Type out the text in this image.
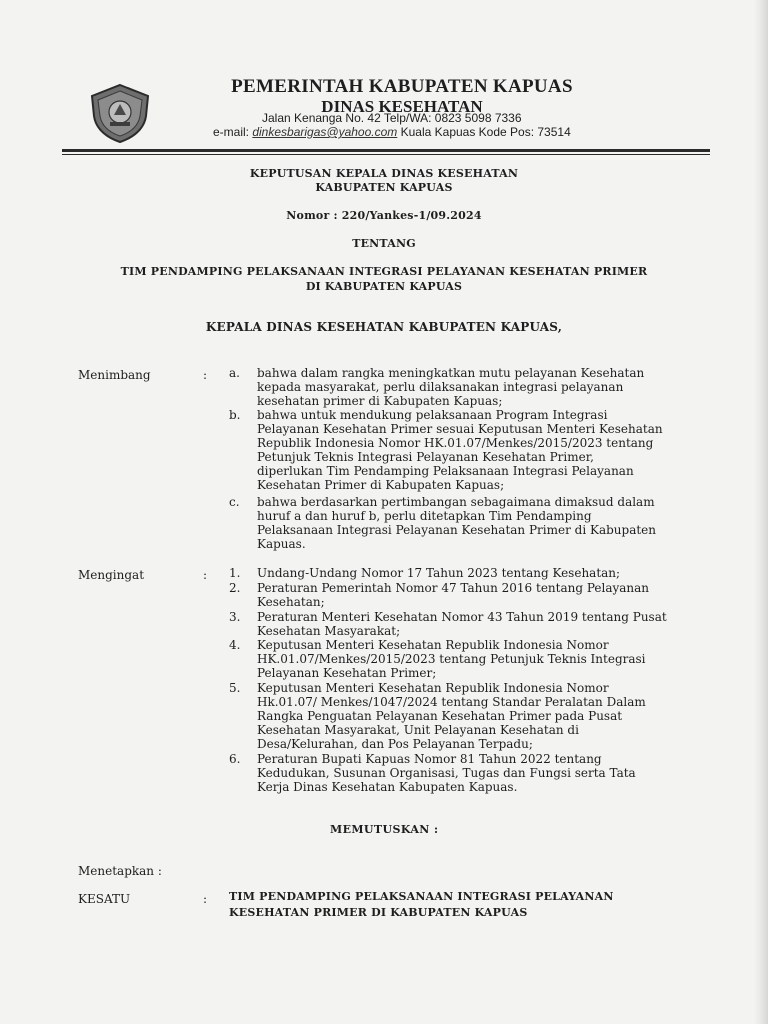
PEMERINTAH KABUPATEN KAPUAS
DINAS KESEHATAN
Jalan Kenanga No. 42 Telp/WA: 0823 5098 7336
e-mail: dinkesbarigas@yahoo.com Kuala Kapuas Kode Pos: 73514
KEPUTUSAN KEPALA DINAS KESEHATAN
KABUPATEN KAPUAS
Nomor : 220/Yankes-1/09.2024
TENTANG
TIM PENDAMPING PELAKSANAAN INTEGRASI PELAYANAN KESEHATAN PRIMER
DI KABUPATEN KAPUAS
KEPALA DINAS KESEHATAN KABUPATEN KAPUAS,
Menimbang	: a. bahwa dalam rangka meningkatkan mutu pelayanan Kesehatan
kepada masyarakat, perlu dilaksanakan integrasi pelayanan
kesehatan primer di Kabupaten Kapuas;
b. bahwa untuk mendukung pelaksanaan Program Integrasi
Pelayanan Kesehatan Primer sesuai Keputusan Menteri Kesehatan
Republik Indonesia Nomor HK.01.07/Menkes/2015/2023 tentang
Petunjuk Teknis Integrasi Pelayanan Kesehatan Primer,
diperlukan Tim Pendamping Pelaksanaan Integrasi Pelayanan
Kesehatan Primer di Kabupaten Kapuas;
c. bahwa berdasarkan pertimbangan sebagaimana dimaksud dalam
huruf a dan huruf b, perlu ditetapkan Tim Pendamping
Pelaksanaan Integrasi Pelayanan Kesehatan Primer di Kabupaten
Kapuas.
Mengingat	: 1. Undang-Undang Nomor 17 Tahun 2023 tentang Kesehatan;
2. Peraturan Pemerintah Nomor 47 Tahun 2016 tentang Pelayanan
Kesehatan;
3. Peraturan Menteri Kesehatan Nomor 43 Tahun 2019 tentang Pusat
Kesehatan Masyarakat;
4. Keputusan Menteri Kesehatan Republik Indonesia Nomor
HK.01.07/Menkes/2015/2023 tentang Petunjuk Teknis Integrasi
Pelayanan Kesehatan Primer;
5. Keputusan Menteri Kesehatan Republik Indonesia Nomor
Hk.01.07/ Menkes/1047/2024 tentang Standar Peralatan Dalam
Rangka Penguatan Pelayanan Kesehatan Primer pada Pusat
Kesehatan Masyarakat, Unit Pelayanan Kesehatan di
Desa/Kelurahan, dan Pos Pelayanan Terpadu;
6. Peraturan Bupati Kapuas Nomor 81 Tahun 2022 tentang
Kedudukan, Susunan Organisasi, Tugas dan Fungsi serta Tata
Kerja Dinas Kesehatan Kabupaten Kapuas.
MEMUTUSKAN :
Menetapkan :
KESATU	: TIM PENDAMPING PELAKSANAAN INTEGRASI PELAYANAN
KESEHATAN PRIMER DI KABUPATEN KAPUAS
